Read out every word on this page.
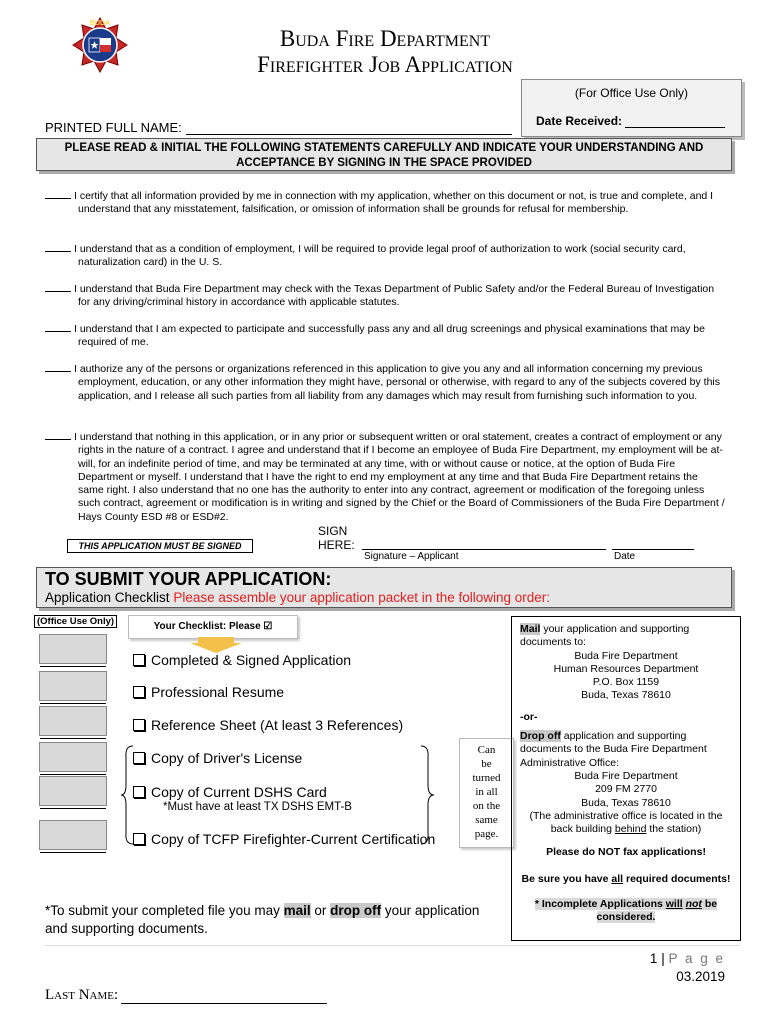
BUDA
Buda Fire Department
Firefighter Job Application
(For Office Use Only)
Date Received:
PRINTED FULL NAME:
PLEASE READ & INITIAL THE FOLLOWING STATEMENTS CAREFULLY AND INDICATE YOUR UNDERSTANDING AND ACCEPTANCE BY SIGNING IN THE SPACE PROVIDED
I certify that all information provided by me in connection with my application, whether on this document or not, is true and complete, and I understand that any misstatement, falsification, or omission of information shall be grounds for refusal for membership.
I understand that as a condition of employment, I will be required to provide legal proof of authorization to work (social security card, naturalization card) in the U. S.
I understand that Buda Fire Department may check with the Texas Department of Public Safety and/or the Federal Bureau of Investigation for any driving/criminal history in accordance with applicable statutes.
I understand that I am expected to participate and successfully pass any and all drug screenings and physical examinations that may be required of me.
I authorize any of the persons or organizations referenced in this application to give you any and all information concerning my previous employment, education, or any other information they might have, personal or otherwise, with regard to any of the subjects covered by this application, and I release all such parties from all liability from any damages which may result from furnishing such information to you.
I understand that nothing in this application, or in any prior or subsequent written or oral statement, creates a contract of employment or any rights in the nature of a contract. I agree and understand that if I become an employee of Buda Fire Department, my employment will be at-will, for an indefinite period of time, and may be terminated at any time, with or without cause or notice, at the option of Buda Fire Department or myself. I understand that I have the right to end my employment at any time and that Buda Fire Department retains the same right. I also understand that no one has the authority to enter into any contract, agreement or modification of the foregoing unless such contract, agreement or modification is in writing and signed by the Chief or the Board of Commissioners of the Buda Fire Department / Hays County ESD #8 or ESD#2.
THIS APPLICATION MUST BE SIGNED
SIGN
HERE:
Signature – Applicant	Date
TO SUBMIT YOUR APPLICATION:
Application Checklist Please assemble your application packet in the following order:
(Office Use Only)	Your Checklist: Please ☑
Completed & Signed Application
Professional Resume
Reference Sheet (At least 3 References)
Copy of Driver's License
Copy of Current DSHS Card
*Must have at least TX DSHS EMT-B
Copy of TCFP Firefighter-Current Certification
Can
be
turned
in all
on the
same
page.
Mail your application and supporting documents to:
Buda Fire Department
Human Resources Department
P.O. Box 1159
Buda, Texas 78610
-or-
Drop off application and supporting documents to the Buda Fire Department Administrative Office:
Buda Fire Department
209 FM 2770
Buda, Texas 78610
(The administrative office is located in the back building behind the station)
Please do NOT fax applications!
Be sure you have all required documents!
* Incomplete Applications will not be considered.
*To submit your completed file you may mail or drop off your application and supporting documents.
1 | P a g e
03.2019
Last Name:
